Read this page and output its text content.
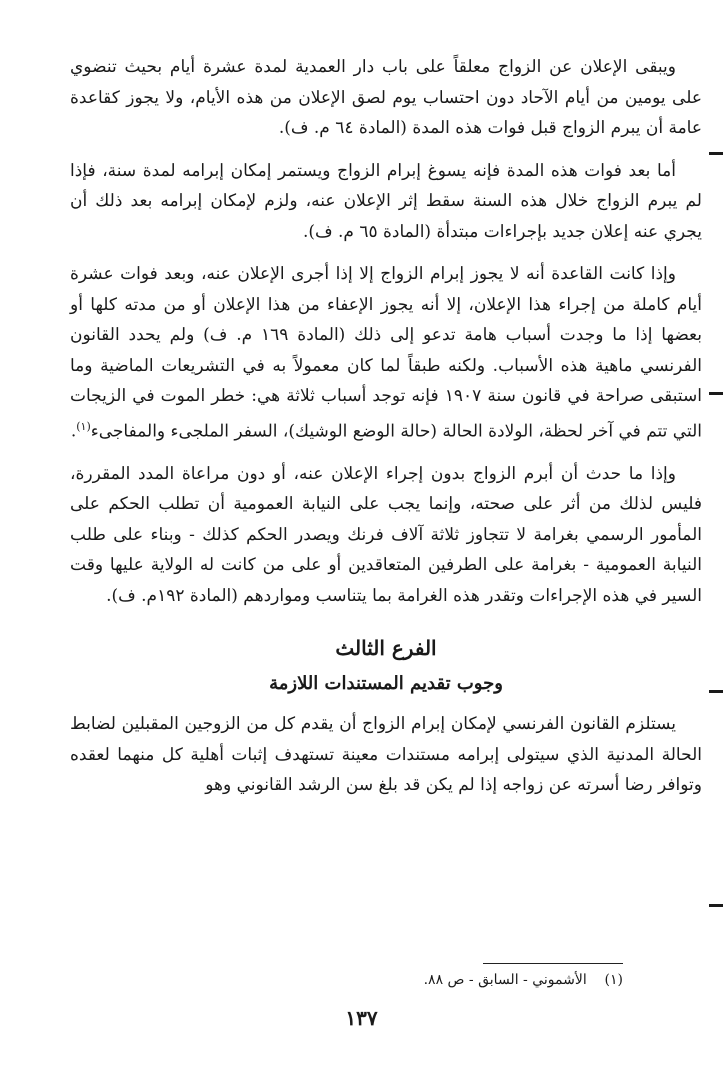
ويبقى الإعلان عن الزواج معلقاً على باب دار العمدية لمدة عشرة أيام بحيث تنضوي على يومين من أيام الآحاد دون احتساب يوم لصق الإعلان من هذه الأيام، ولا يجوز كقاعدة عامة أن يبرم الزواج قبل فوات هذه المدة (المادة ٦٤ م. ف).

أما بعد فوات هذه المدة فإنه يسوغ إبرام الزواج ويستمر إمكان إبرامه لمدة سنة، فإذا لم يبرم الزواج خلال هذه السنة سقط إثر الإعلان عنه، ولزم لإمكان إبرامه بعد ذلك أن يجري عنه إعلان جديد بإجراءات مبتدأة (المادة ٦٥ م. ف).

وإذا كانت القاعدة أنه لا يجوز إبرام الزواج إلا إذا أجرى الإعلان عنه، وبعد فوات عشرة أيام كاملة من إجراء هذا الإعلان، إلا أنه يجوز الإعفاء من هذا الإعلان أو من مدته كلها أو بعضها إذا ما وجدت أسباب هامة تدعو إلى ذلك (المادة ١٦٩ م. ف) ولم يحدد القانون الفرنسي ماهية هذه الأسباب. ولكنه طبقاً لما كان معمولاً به في التشريعات الماضية وما استبقى صراحة في قانون سنة ١٩٠٧ فإنه توجد أسباب ثلاثة هي: خطر الموت في الزيجات التي تتم في آخر لحظة، الولادة الحالة (حالة الوضع الوشيك)، السفر الملجىء والمفاجىء$^{(١)}$.

وإذا ما حدث أن أبرم الزواج بدون إجراء الإعلان عنه، أو دون مراعاة المدد المقررة، فليس لذلك من أثر على صحته، وإنما يجب على النيابة العمومية أن تطلب الحكم على المأمور الرسمي بغرامة لا تتجاوز ثلاثة آلاف فرنك ويصدر الحكم كذلك - وبناء على طلب النيابة العمومية - بغرامة على الطرفين المتعاقدين أو على من كانت له الولاية عليها وقت السير في هذه الإجراءات وتقدر هذه الغرامة بما يتناسب ومواردهم (المادة ١٩٢م. ف).

الفرع الثالث
وجوب تقديم المستندات اللازمة

يستلزم القانون الفرنسي لإمكان إبرام الزواج أن يقدم كل من الزوجين المقبلين لضابط الحالة المدنية الذي سيتولى إبرامه مستندات معينة تستهدف إثبات أهلية كل منهما لعقده وتوافر رضا أسرته عن زواجه إذا لم يكن قد بلغ سن الرشد القانوني وهو

(١)    الأشموني - السابق - ص ٨٨.
١٣٧
